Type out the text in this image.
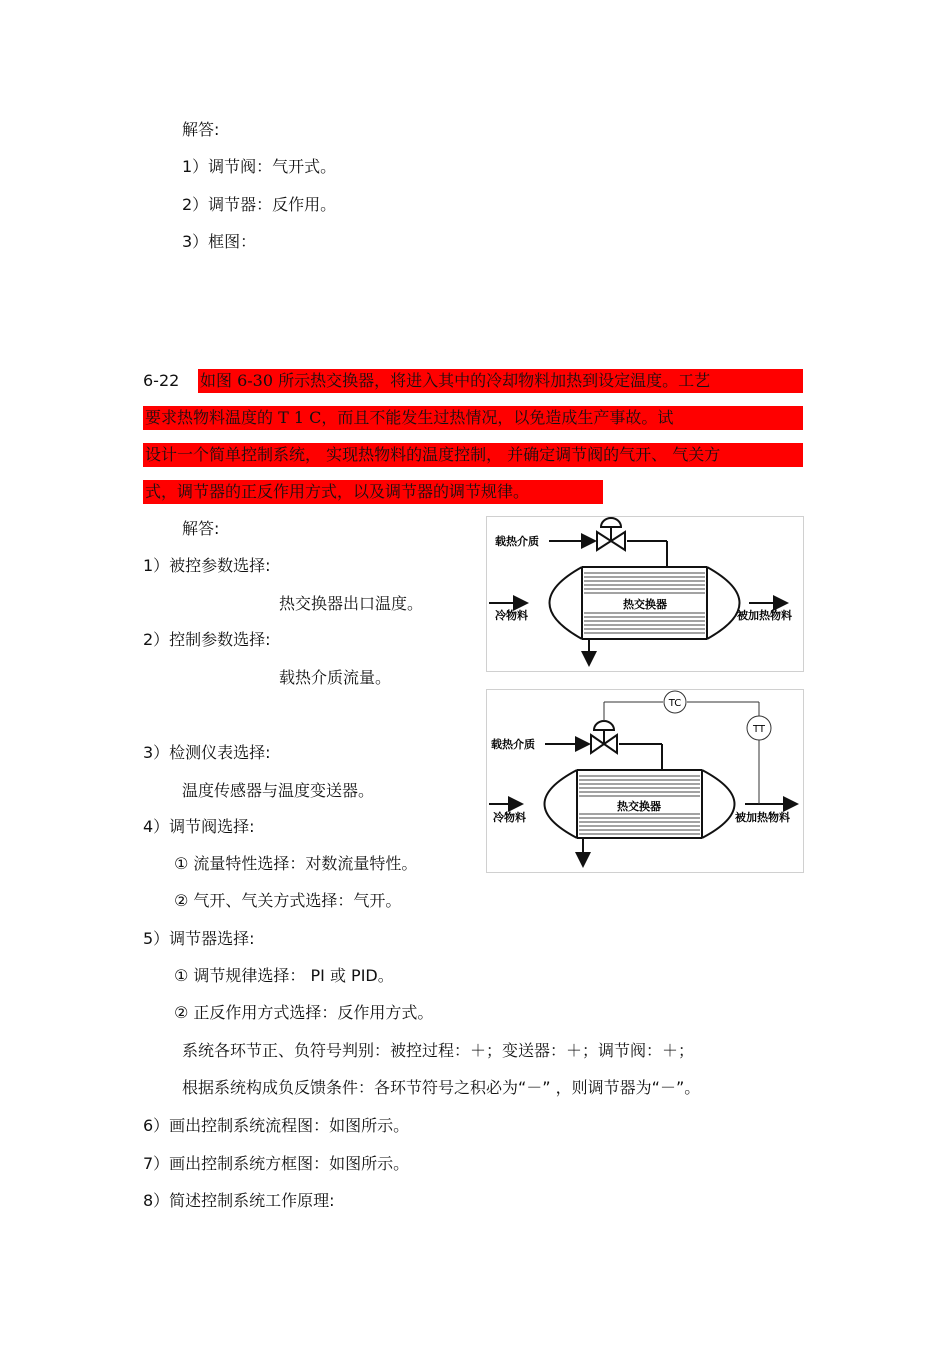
解答:
1）调节阀：气开式。
2）调节器：反作用。
3）框图：
6-22 如图 6-30 所示热交换器，将进入其中的冷却物料加热到设定温度。工艺
要求热物料温度的 T 1 C，而且不能发生过热情况，以免造成生产事故。试
设计一个简单控制系统， 实现热物料的温度控制， 并确定调节阀的气开、 气关方
式，调节器的正反作用方式，以及调节器的调节规律。
解答:
1）被控参数选择:
热交换器出口温度。
2）控制参数选择:
载热介质流量。
3）检测仪表选择:
温度传感器与温度变送器。
4）调节阀选择:
① 流量特性选择：对数流量特性。
② 气开、气关方式选择：气开。
5）调节器选择:
① 调节规律选择： PI 或 PID。
② 正反作用方式选择：反作用方式。
系统各环节正、负符号判别：被控过程：＋；变送器：＋；调节阀：＋；
根据系统构成负反馈条件：各环节符号之积必为“－” ，则调节器为“－”。
6）画出控制系统流程图：如图所示。
7）画出控制系统方框图：如图所示。
8）简述控制系统工作原理:
热交换器
载热介质
冷物料	被加热物料
TC
TT
热交换器
载热介质
冷物料	被加热物料
